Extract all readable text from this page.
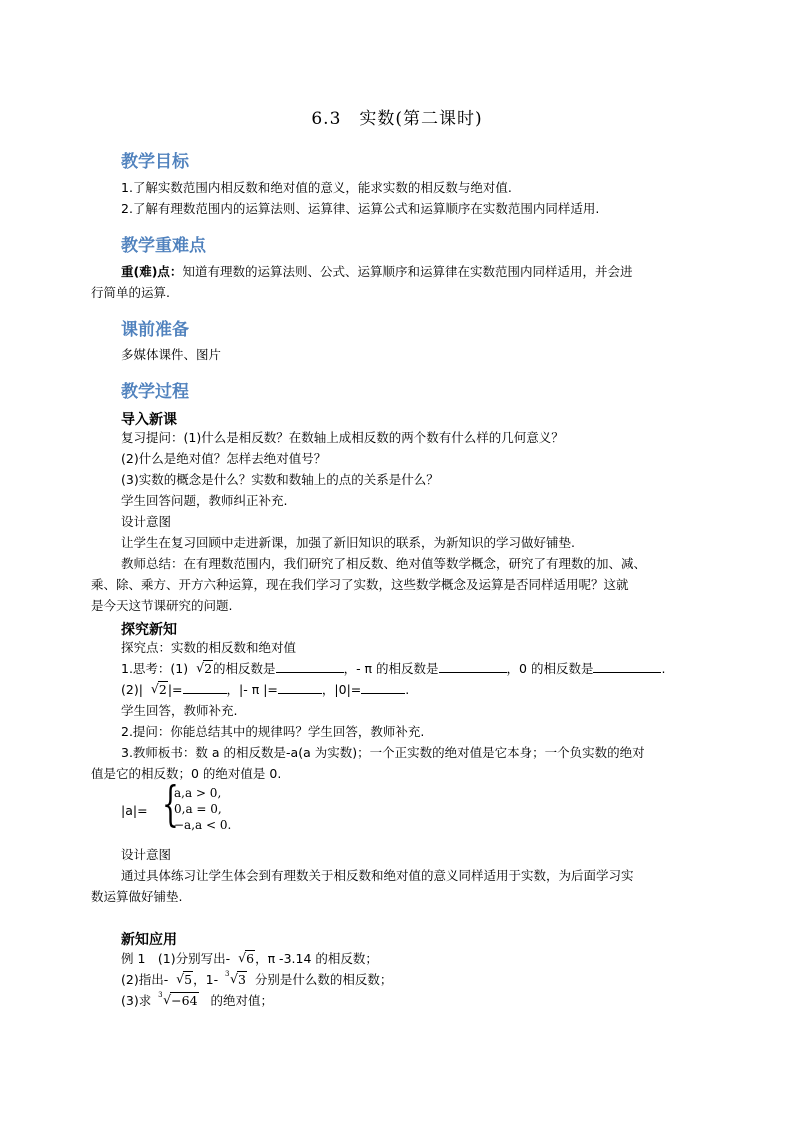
6.3　实数(第二课时)
教学目标
1.了解实数范围内相反数和绝对值的意义，能求实数的相反数与绝对值.
2.了解有理数范围内的运算法则、运算律、运算公式和运算顺序在实数范围内同样适用.
教学重难点
重(难)点：知道有理数的运算法则、公式、运算顺序和运算律在实数范围内同样适用，并会进
行简单的运算.
课前准备
多媒体课件、图片
教学过程
导入新课
复习提问：(1)什么是相反数？在数轴上成相反数的两个数有什么样的几何意义？
(2)什么是绝对值？怎样去绝对值号？
(3)实数的概念是什么？实数和数轴上的点的关系是什么？
学生回答问题，教师纠正补充.
设计意图
让学生在复习回顾中走进新课，加强了新旧知识的联系，为新知识的学习做好铺垫.
教师总结：在有理数范围内，我们研究了相反数、绝对值等数学概念，研究了有理数的加、减、
乘、除、乘方、开方六种运算，现在我们学习了实数，这些数学概念及运算是否同样适用呢？这就
是今天这节课研究的问题.
探究新知
探究点：实数的相反数和绝对值
1.思考：(1) √ 2的相反数是	，- π 的相反数是	，0 的相反数是	.
(2)| √ 2|=	，|- π |=	，|0|=	.
学生回答，教师补充.
2.提问：你能总结其中的规律吗？学生回答，教师补充.
3.教师板书：数 a 的相反数是-a(a 为实数)；一个正实数的绝对值是它本身；一个负实数的绝对
值是它的相反数；0 的绝对值是 0.
|a|= {
a,a > 0,
0,a = 0,
−a,a < 0.
设计意图
通过具体练习让学生体会到有理数关于相反数和绝对值的意义同样适用于实数，为后面学习实
数运算做好铺垫.
新知应用
例 1　(1)分别写出- √ 6，π -3.14 的相反数；
(2)指出- √ 5，1- 3 √ 3 分别是什么数的相反数；
(3)求 3 √ −64 的绝对值；
